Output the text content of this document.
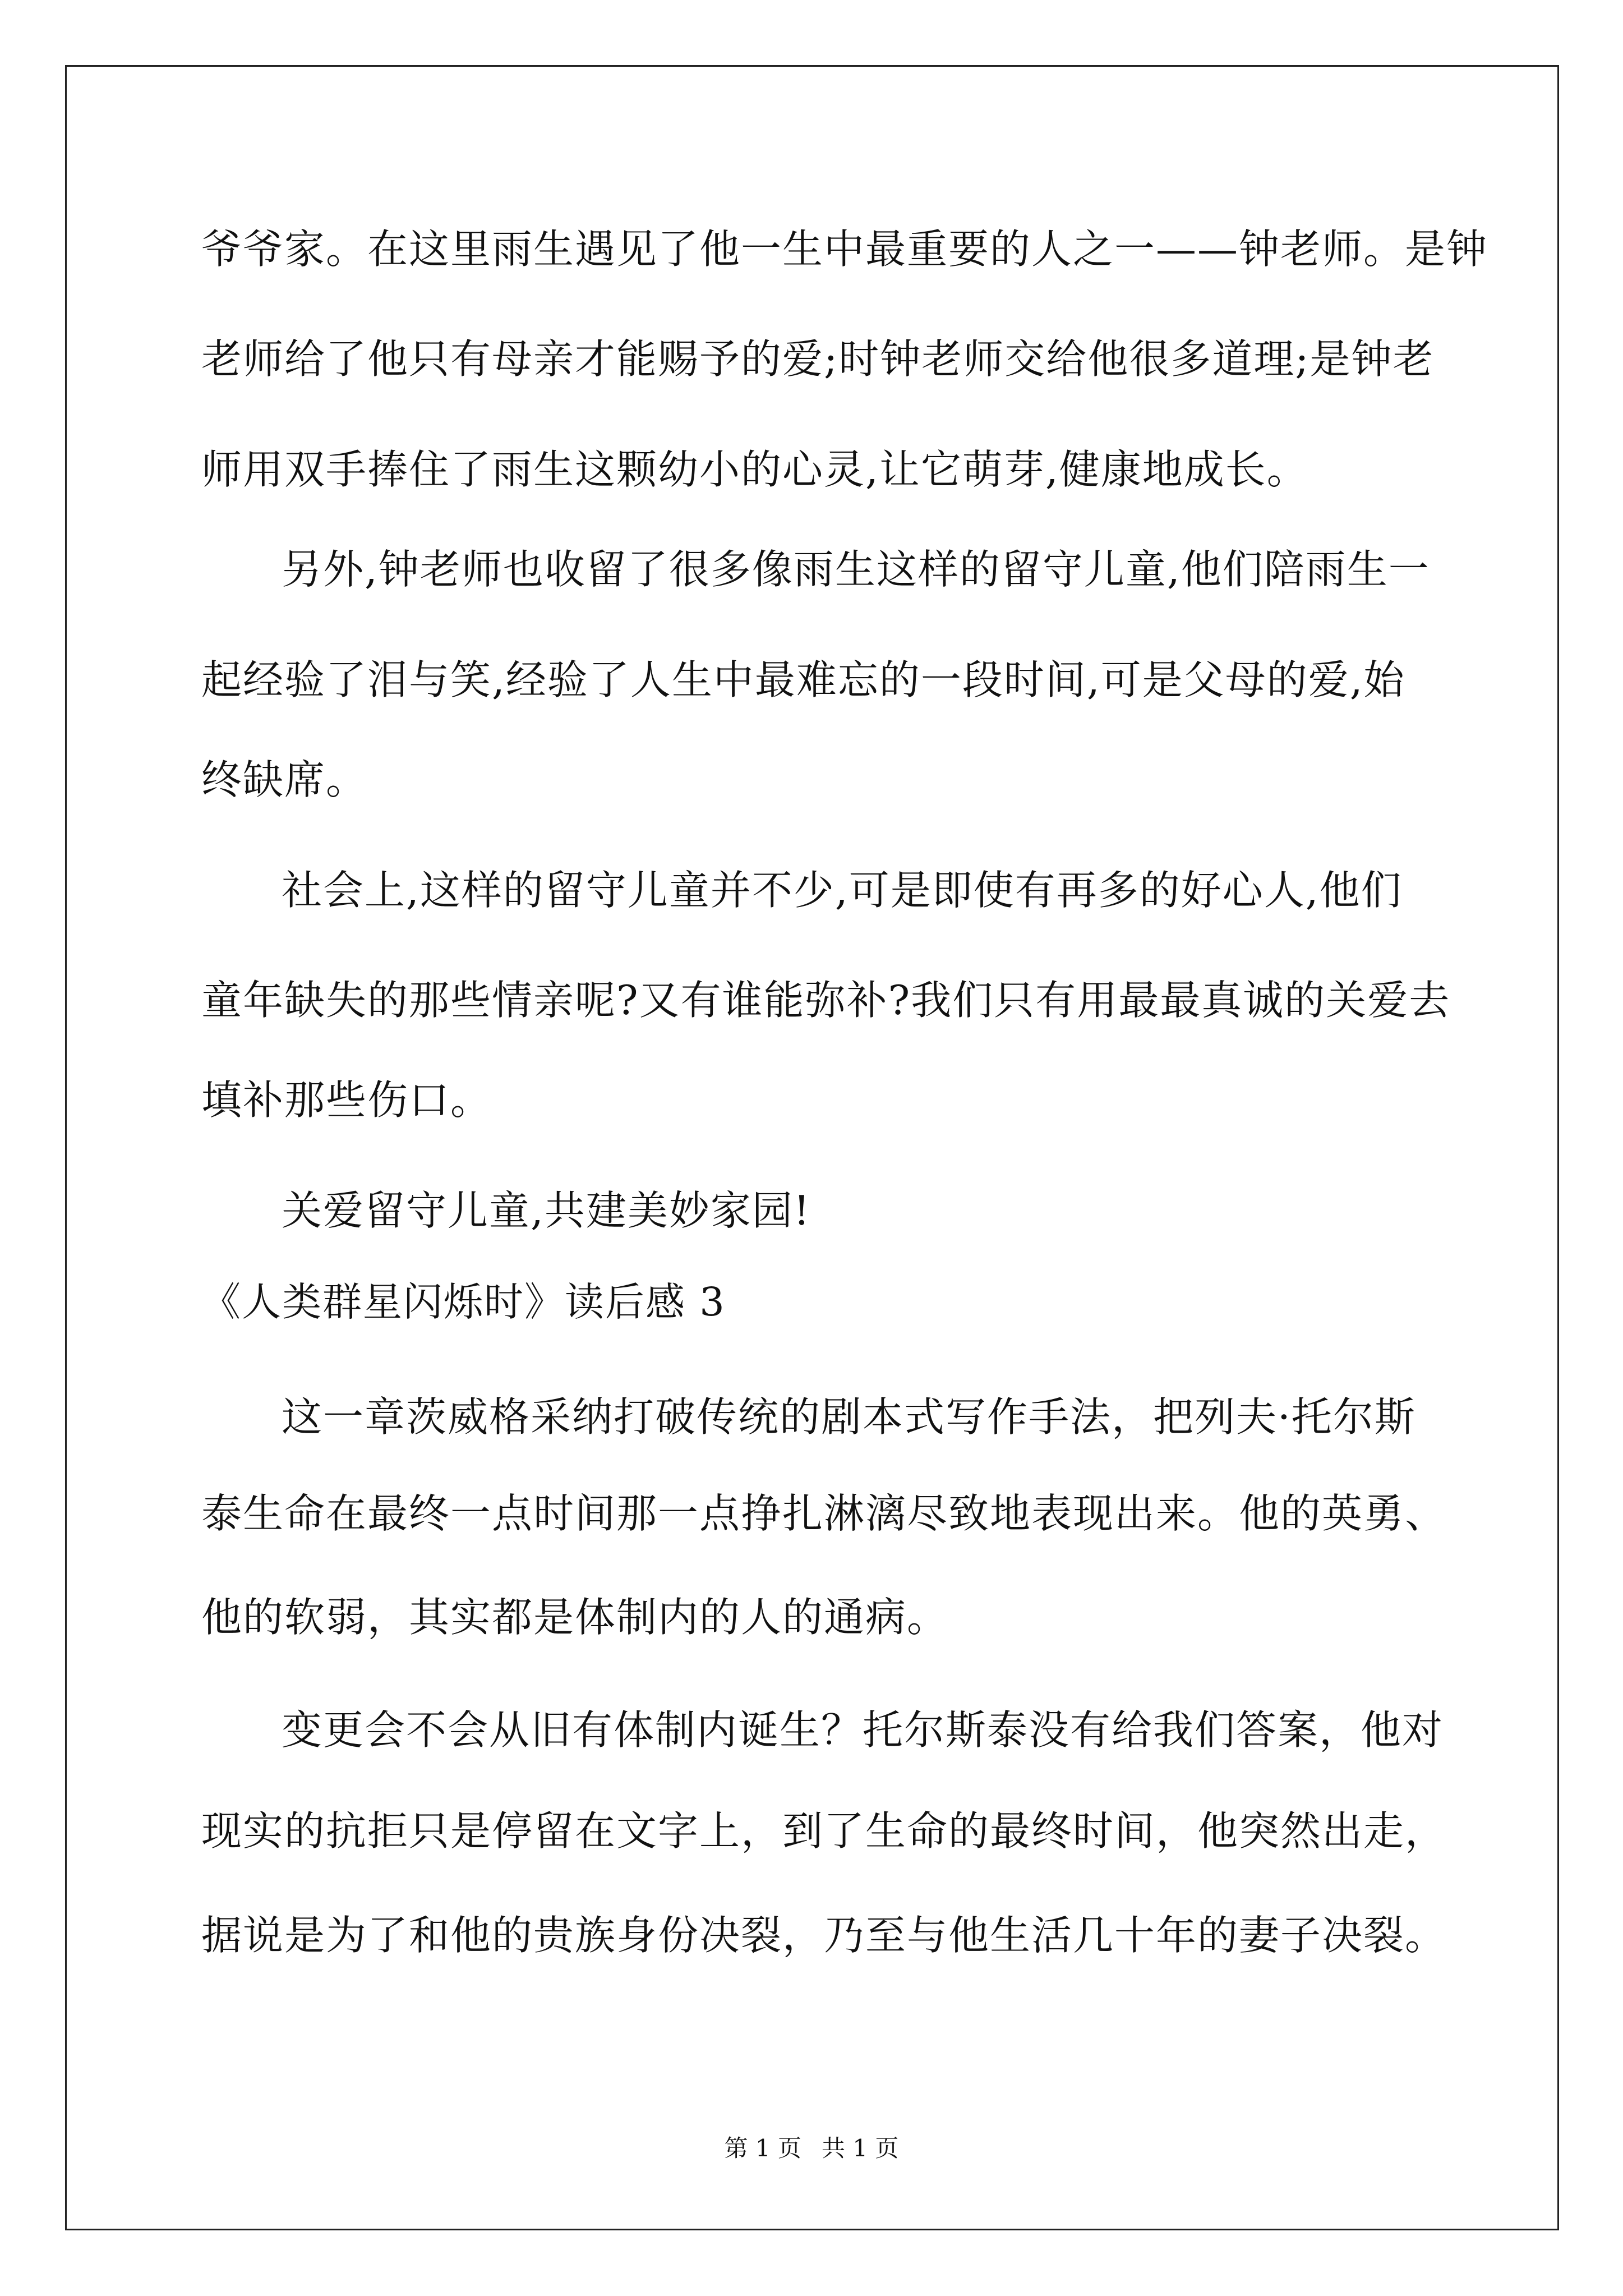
爷爷家。在这里雨生遇见了他一生中最重要的人之一——钟老师。是钟
老师给了他只有母亲才能赐予的爱;时钟老师交给他很多道理;是钟老
师用双手捧住了雨生这颗幼小的心灵,让它萌芽,健康地成长。
另外,钟老师也收留了很多像雨生这样的留守儿童,他们陪雨生一
起经验了泪与笑,经验了人生中最难忘的一段时间,可是父母的爱,始
终缺席。
社会上,这样的留守儿童并不少,可是即使有再多的好心人,他们
童年缺失的那些情亲呢?又有谁能弥补?我们只有用最最真诚的关爱去
填补那些伤口。
关爱留守儿童,共建美妙家园!
《人类群星闪烁时》读后感 3
这一章茨威格采纳打破传统的剧本式写作手法，把列夫·托尔斯
泰生命在最终一点时间那一点挣扎淋漓尽致地表现出来。他的英勇、
他的软弱，其实都是体制内的人的通病。
变更会不会从旧有体制内诞生？托尔斯泰没有给我们答案，他对
现实的抗拒只是停留在文字上，到了生命的最终时间，他突然出走，
据说是为了和他的贵族身份决裂，乃至与他生活几十年的妻子决裂。
第 1 页 共 1 页
